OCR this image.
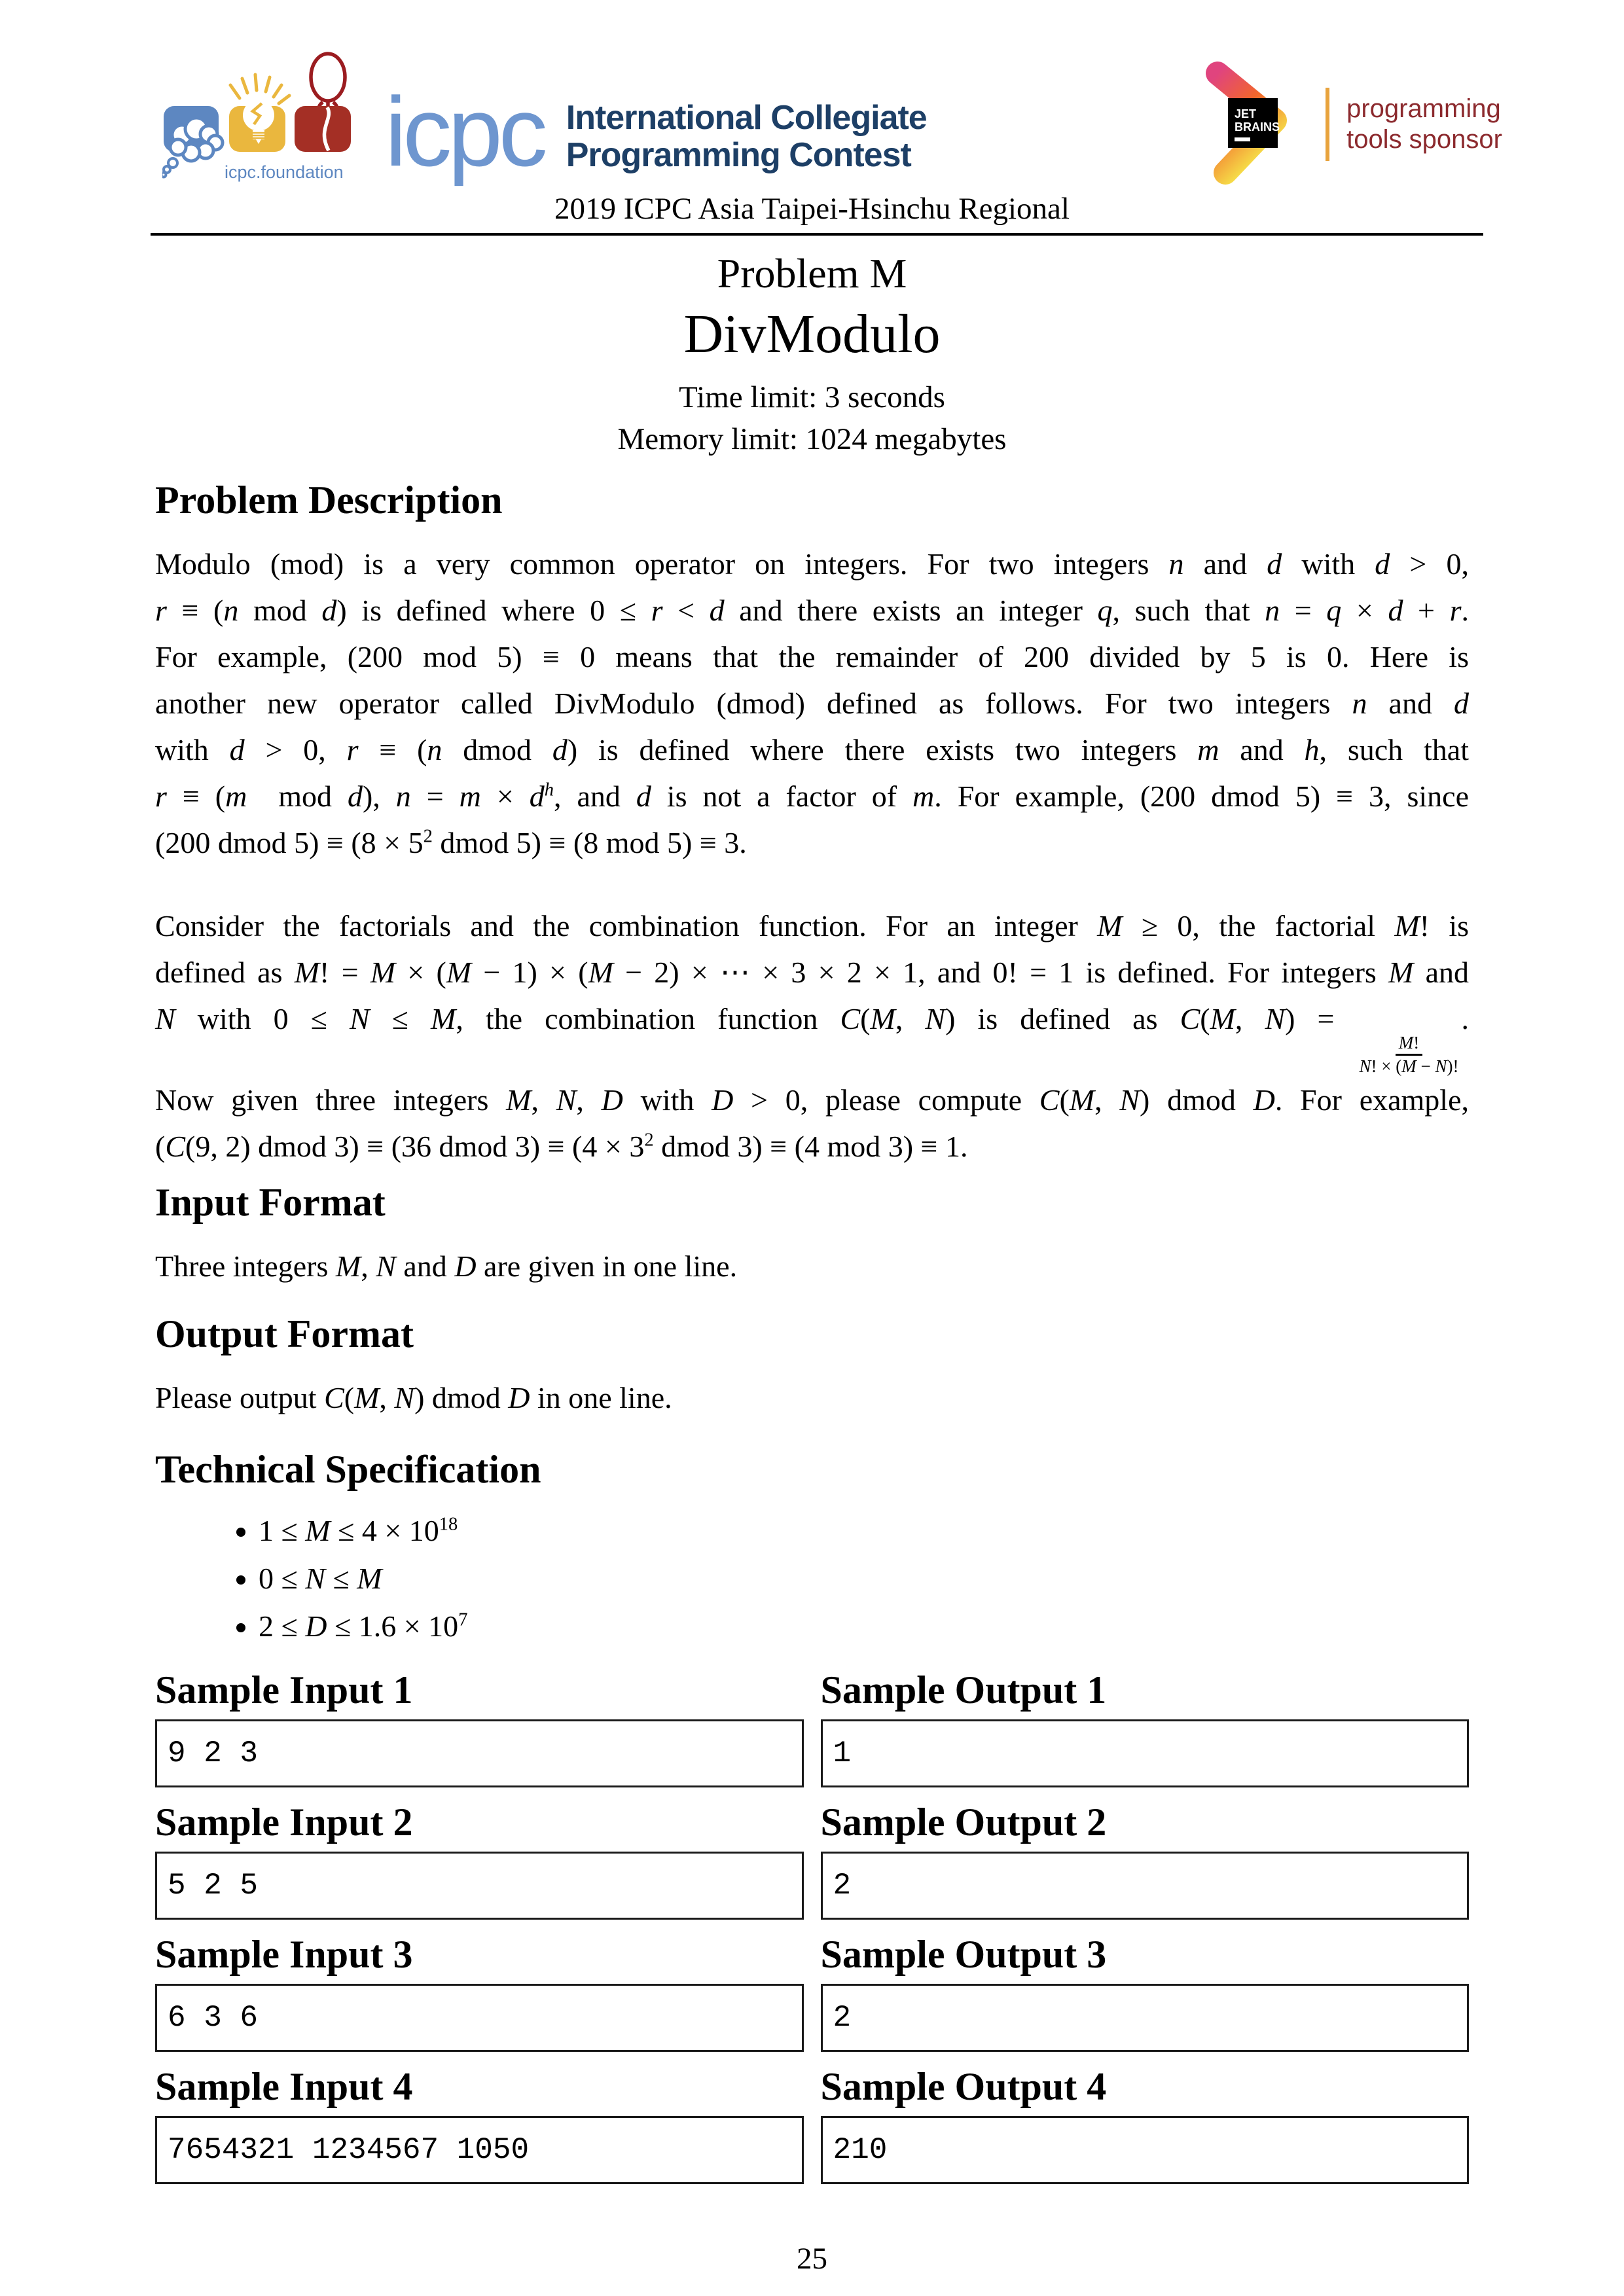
icpc.foundation icpc International Collegiate
Programming Contest
JET
BRAINS
programming
tools sponsor
2019 ICPC Asia Taipei-Hsinchu Regional
Problem M
DivModulo
Time limit: 3 seconds
Memory limit: 1024 megabytes
Problem Description
Modulo (mod) is a very common operator on integers. For two integers n and d with d > 0,
r ≡ (n mod d) is defined where 0 ≤ r < d and there exists an integer q, such that n = q × d + r.
For example, (200 mod 5) ≡ 0 means that the remainder of 200 divided by 5 is 0. Here is
another new operator called DivModulo (dmod) defined as follows. For two integers n and d
with d > 0, r ≡ (n dmod d) is defined where there exists two integers m and h, such that
r ≡ (m  mod d), $n = m \times d^h$, and d is not a factor of m. For example, (200 dmod 5) ≡ 3, since
(200 dmod $5) \equiv (8 \times 5^2$ dmod 5) ≡ (8 mod 5) ≡ 3.
Consider the factorials and the combination function. For an integer M ≥ 0, the factorial M! is
defined as M! = M × (M − 1) × (M − 2) × ⋯ × 3 × 2 × 1, and 0! = 1 is defined. For integers M and
N with 0 ≤ N ≤ M, the combination function C(M, N) is defined as C(M, N) =
$\frac{M!}{N! \times (M - N)!}$
.
Now given three integers M, N, D with D > 0, please compute C(M, N) dmod D. For example,
(C(9, 2) dmod 3) ≡ (36 dmod $3) \equiv (4 \times 3^2$ dmod 3) ≡ (4 mod 3) ≡ 1.
Input Format
Three integers M, N and D are given in one line.
Output Format
Please output C(M, N) dmod D in one line.
Technical Specification
• $1 \le M \le 4 \times 10^{18}$
• 0 ≤ N ≤ M
• $2 \le D \le 1.6 \times 10^7$
Sample Input 1
9 2 3
Sample Output 1
1
Sample Input 2
5 2 5
Sample Output 2
2
Sample Input 3
6 3 6
Sample Output 3
2
Sample Input 4
7654321 1234567 1050
Sample Output 4
210
25
